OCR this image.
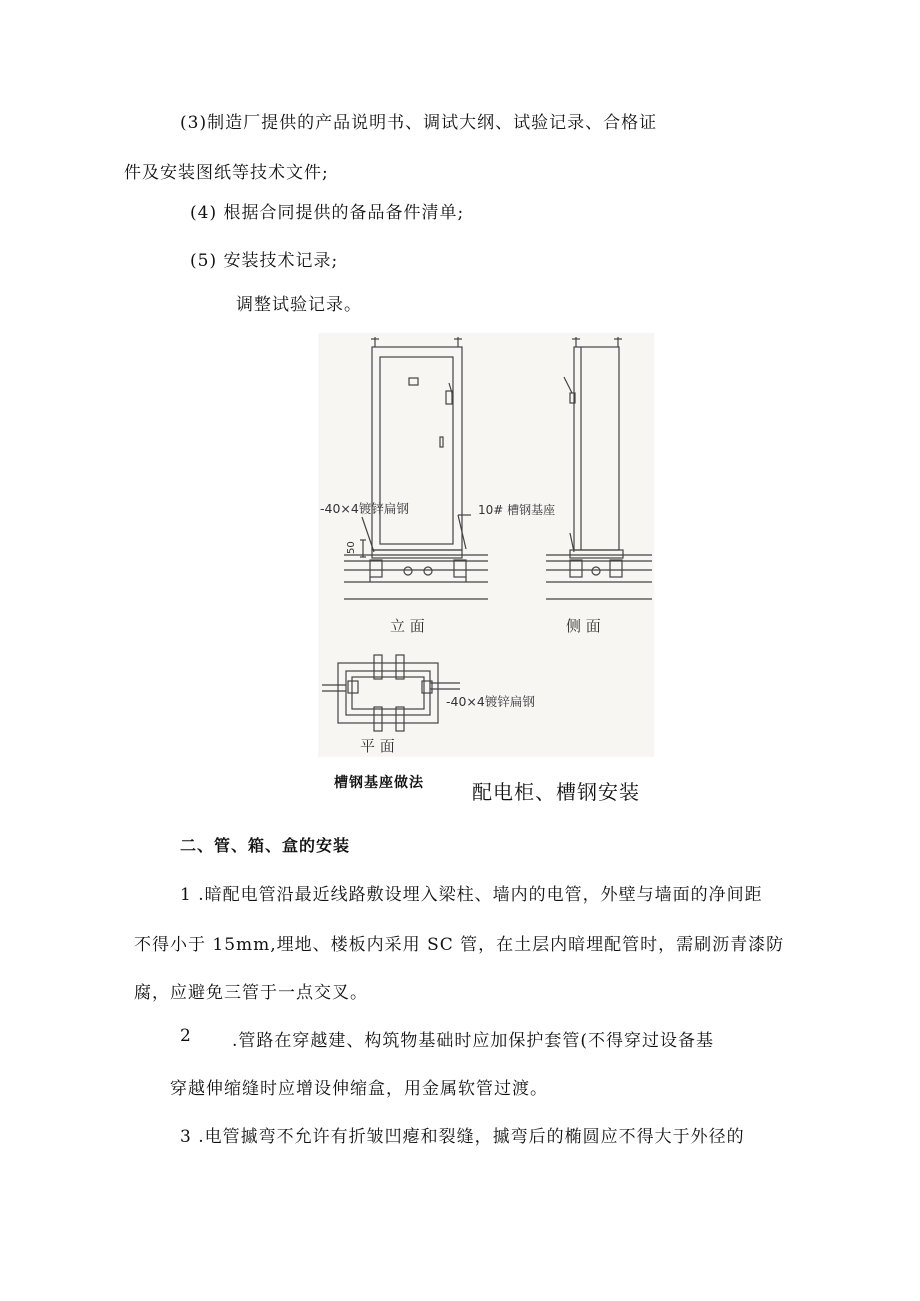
(3)制造厂提供的产品说明书、调试大纲、试验记录、合格证
件及安装图纸等技术文件;
(4) 根据合同提供的备品备件清单;
(5) 安装技术记录;
调整试验记录。
-40×4镀锌扁钢	10# 槽钢基座
50
立 面	侧 面
-40×4镀锌扁钢
平 面
槽钢基座做法 配电柜、槽钢安装
二、管、箱、盒的安装
1 .暗配电管沿最近线路敷设埋入梁柱、墙内的电管，外壁与墙面的净间距
不得小于 15mm,埋地、楼板内采用 SC 管，在土层内暗埋配管时，需刷沥青漆防
腐，应避免三管于一点交叉。
2 .管路在穿越建、构筑物基础时应加保护套管(不得穿过设备基
穿越伸缩缝时应增设伸缩盒，用金属软管过渡。
3 .电管摵弯不允许有折皱凹瘪和裂缝，摵弯后的椭圆应不得大于外径的
